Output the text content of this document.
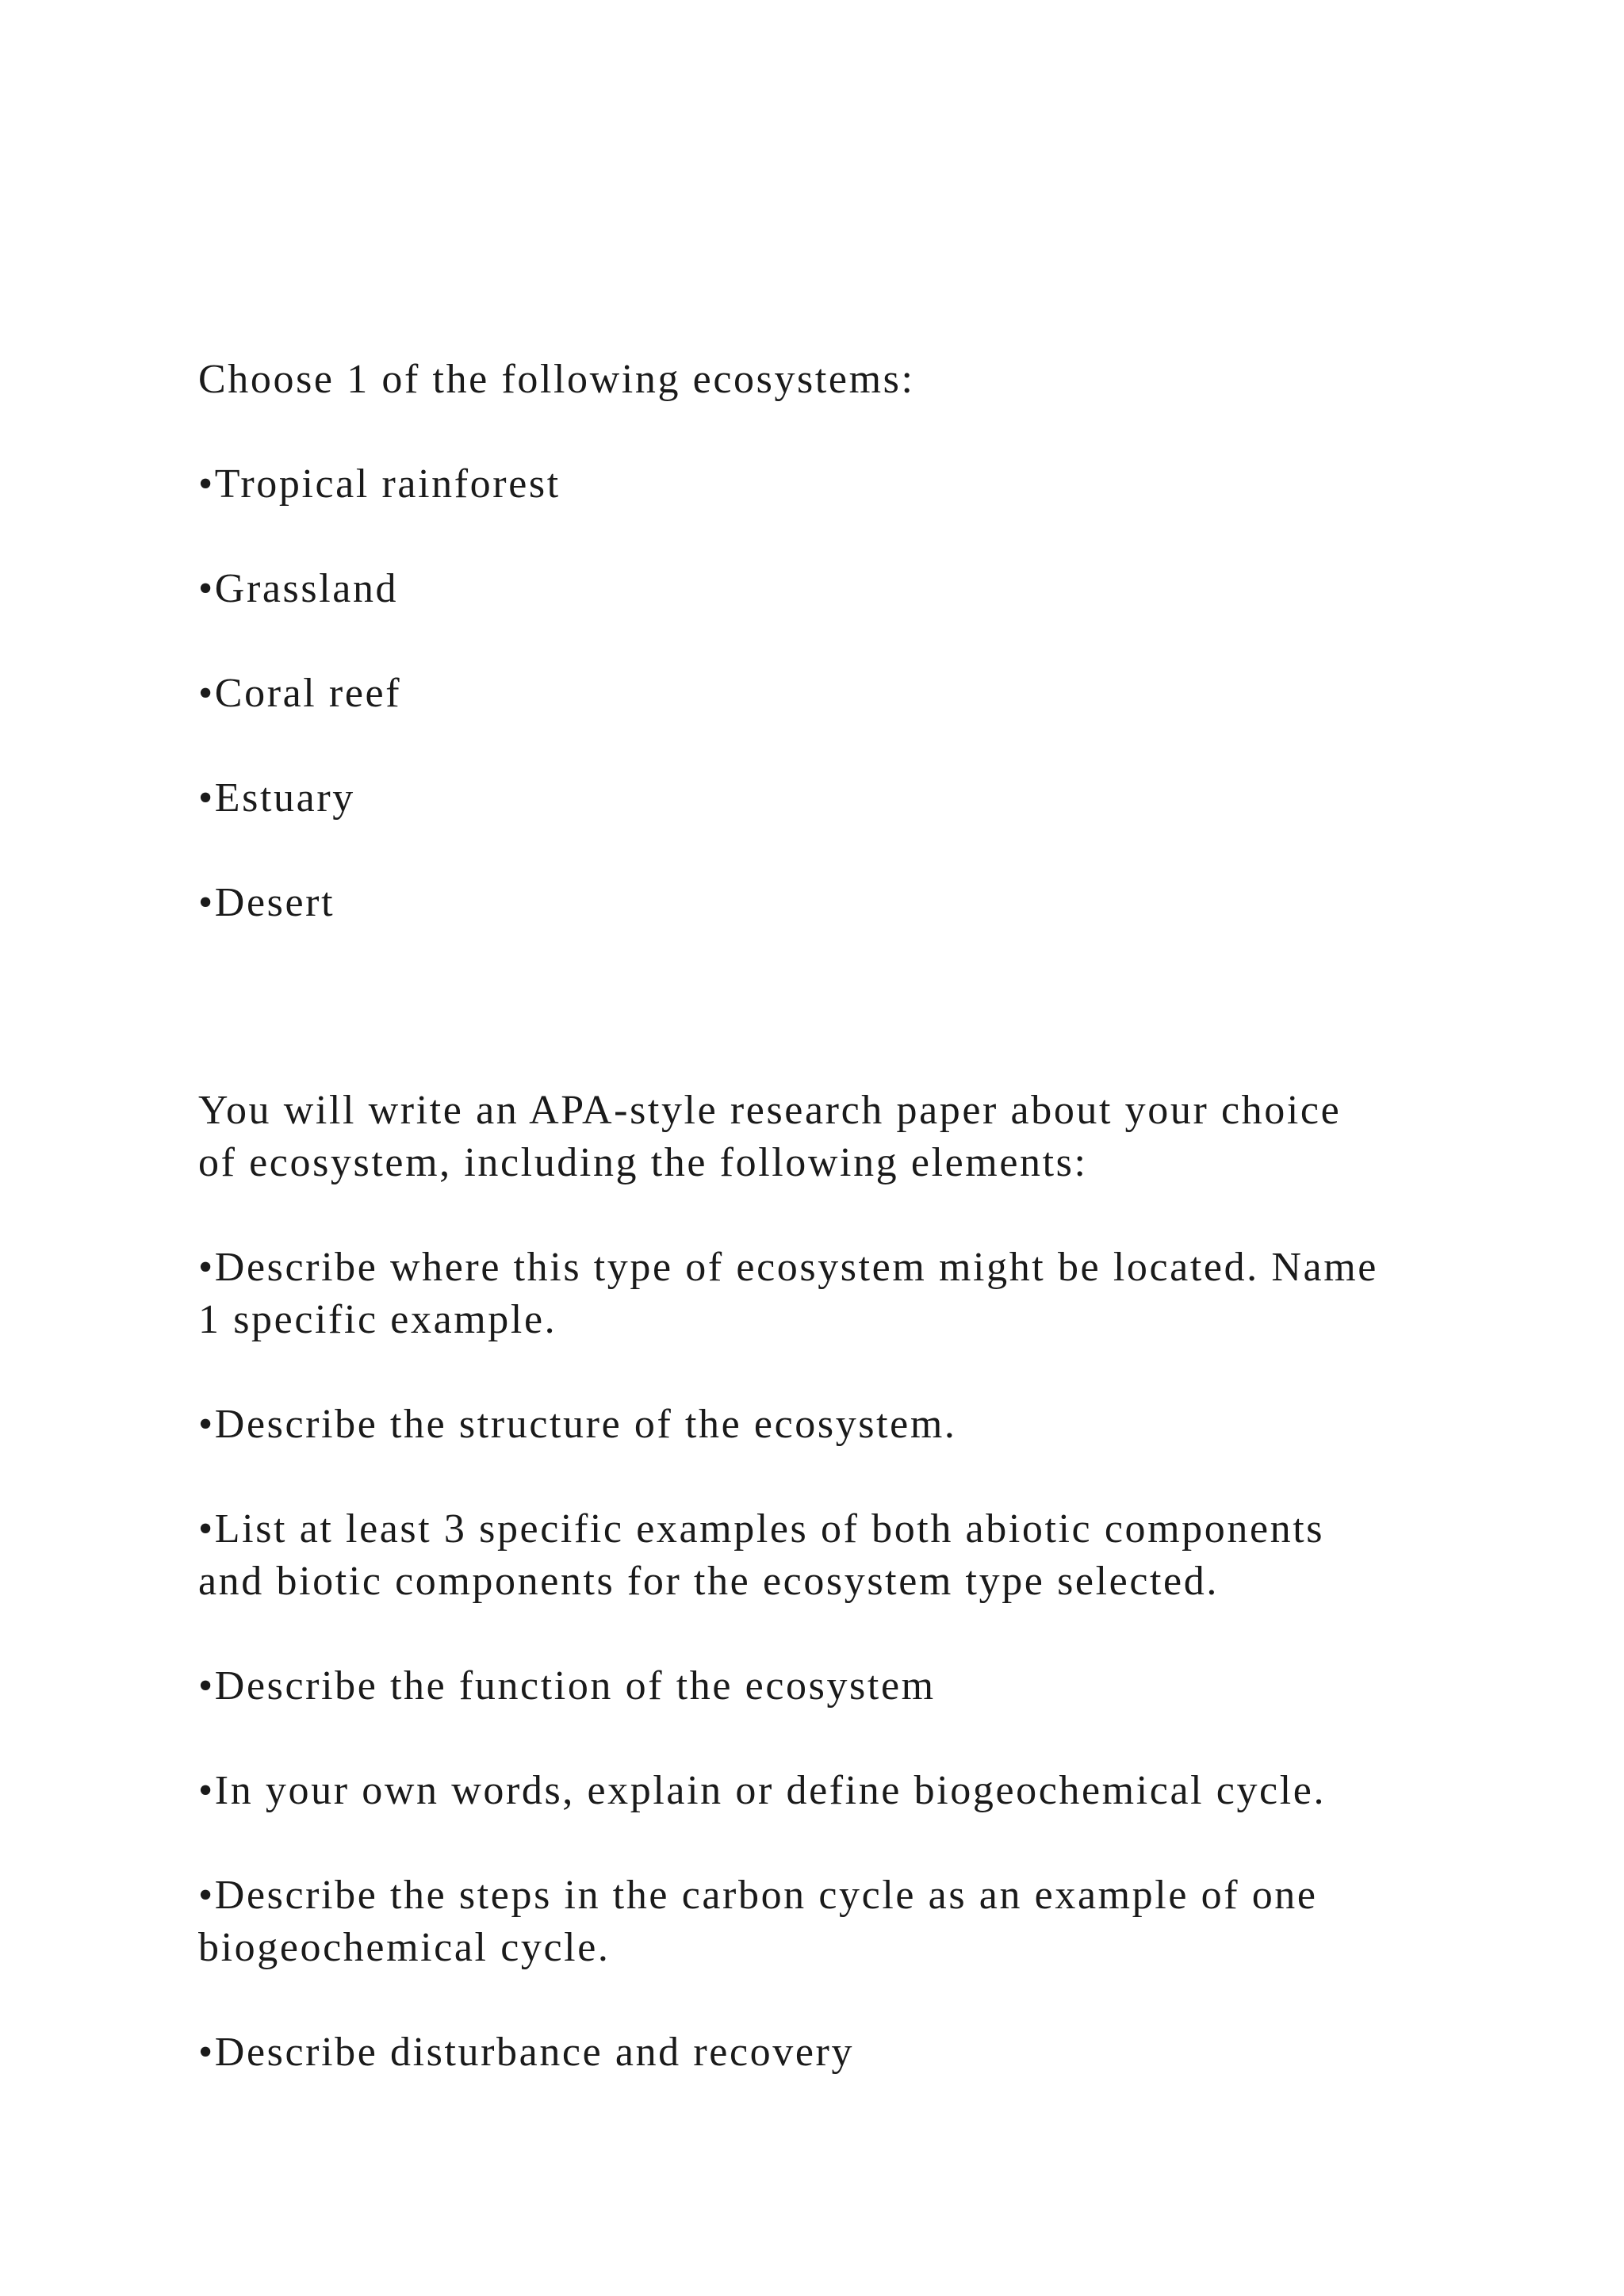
Choose 1 of the following ecosystems:

•Tropical rainforest

•Grassland

•Coral reef

•Estuary

•Desert

You will write an APA-style research paper about your choice

of ecosystem, including the following elements:

•Describe where this type of ecosystem might be located. Name

1 specific example.

•Describe the structure of the ecosystem.

•List at least 3 specific examples of both abiotic components

and biotic components for the ecosystem type selected.

•Describe the function of the ecosystem

•In your own words, explain or define biogeochemical cycle.

•Describe the steps in the carbon cycle as an example of one

biogeochemical cycle.

•Describe disturbance and recovery
